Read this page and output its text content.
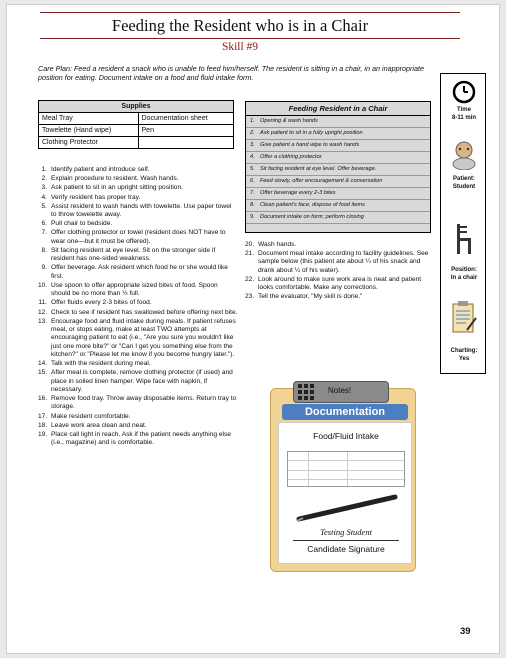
Feeding the Resident who is in a Chair
Skill #9
Care Plan: Feed a resident a snack who is unable to feed him/herself. The resident is sitting in a chair, in an inappropriate position for eating. Document intake on a food and fluid intake form.
Supplies	
Meal Tray	Documentation sheet
Towelette (Hand wipe)	Pen
Clothing Protector	
Feeding Resident in a Chair
1. Opening & wash hands
2. Ask patient to sit in a fully upright position
3. Give patient a hand wipe to wash hands
4. Offer a clothing protector
5. Sit facing resident at eye level. Offer beverage.
6. Feed slowly, offer encouragement & conversation
7. Offer beverage every 2-3 bites
8. Clean patient's face, dispose of food items
9. Document intake on form; perform closing
1. Identify patient and introduce self.
2. Explain procedure to resident. Wash hands.
3. Ask patient to sit in an upright sitting position.
4. Verify resident has proper tray.
5. Assist resident to wash hands with towelette. Use paper towel to throw towelette away.
6. Pull chair to bedside.
7. Offer clothing protector or towel (resident does NOT have to wear one—but it must be offered).
8. Sit facing resident at eye level. Sit on the stronger side if resident has one-sided weakness.
9. Offer beverage. Ask resident which food he or she would like first.
10. Use spoon to offer appropriate sized bites of food. Spoon should be no more than ½ full.
11. Offer fluids every 2-3 bites of food.
12. Check to see if resident has swallowed before offering next bite.
13. Encourage food and fluid intake during meals. If patient refuses meal, or stops eating, make at least TWO attempts at encouraging patient to eat (i.e., "Are you sure you wouldn't like just one more bite?" or "Can I get you something else from the kitchen?" or "Please let me know if you become hungry later.").
14. Talk with the resident during meal.
15. After meal is complete, remove clothing protector (if used) and place in soiled linen hamper. Wipe face with napkin, if necessary.
16. Remove food tray. Throw away disposable items. Return tray to storage.
17. Make resident comfortable.
18. Leave work area clean and neat.
19. Place call light in reach. Ask if the patient needs anything else (i.e., magazine) and is comfortable.
20. Wash hands.
21. Document meal intake according to facility guidelines. See sample below (this patient ate about ¼ of his snack and drank about ¼ of his water).
22. Look around to make sure work area is neat and patient looks comfortable. Make any corrections.
23. Tell the evaluator, "My skill is done."
Time
8-11 min
Patient:
Student
Position:
In a chair
Charting:
Yes
Notes!
Documentation
Food/Fluid Intake
Testing Student
Candidate Signature
39
